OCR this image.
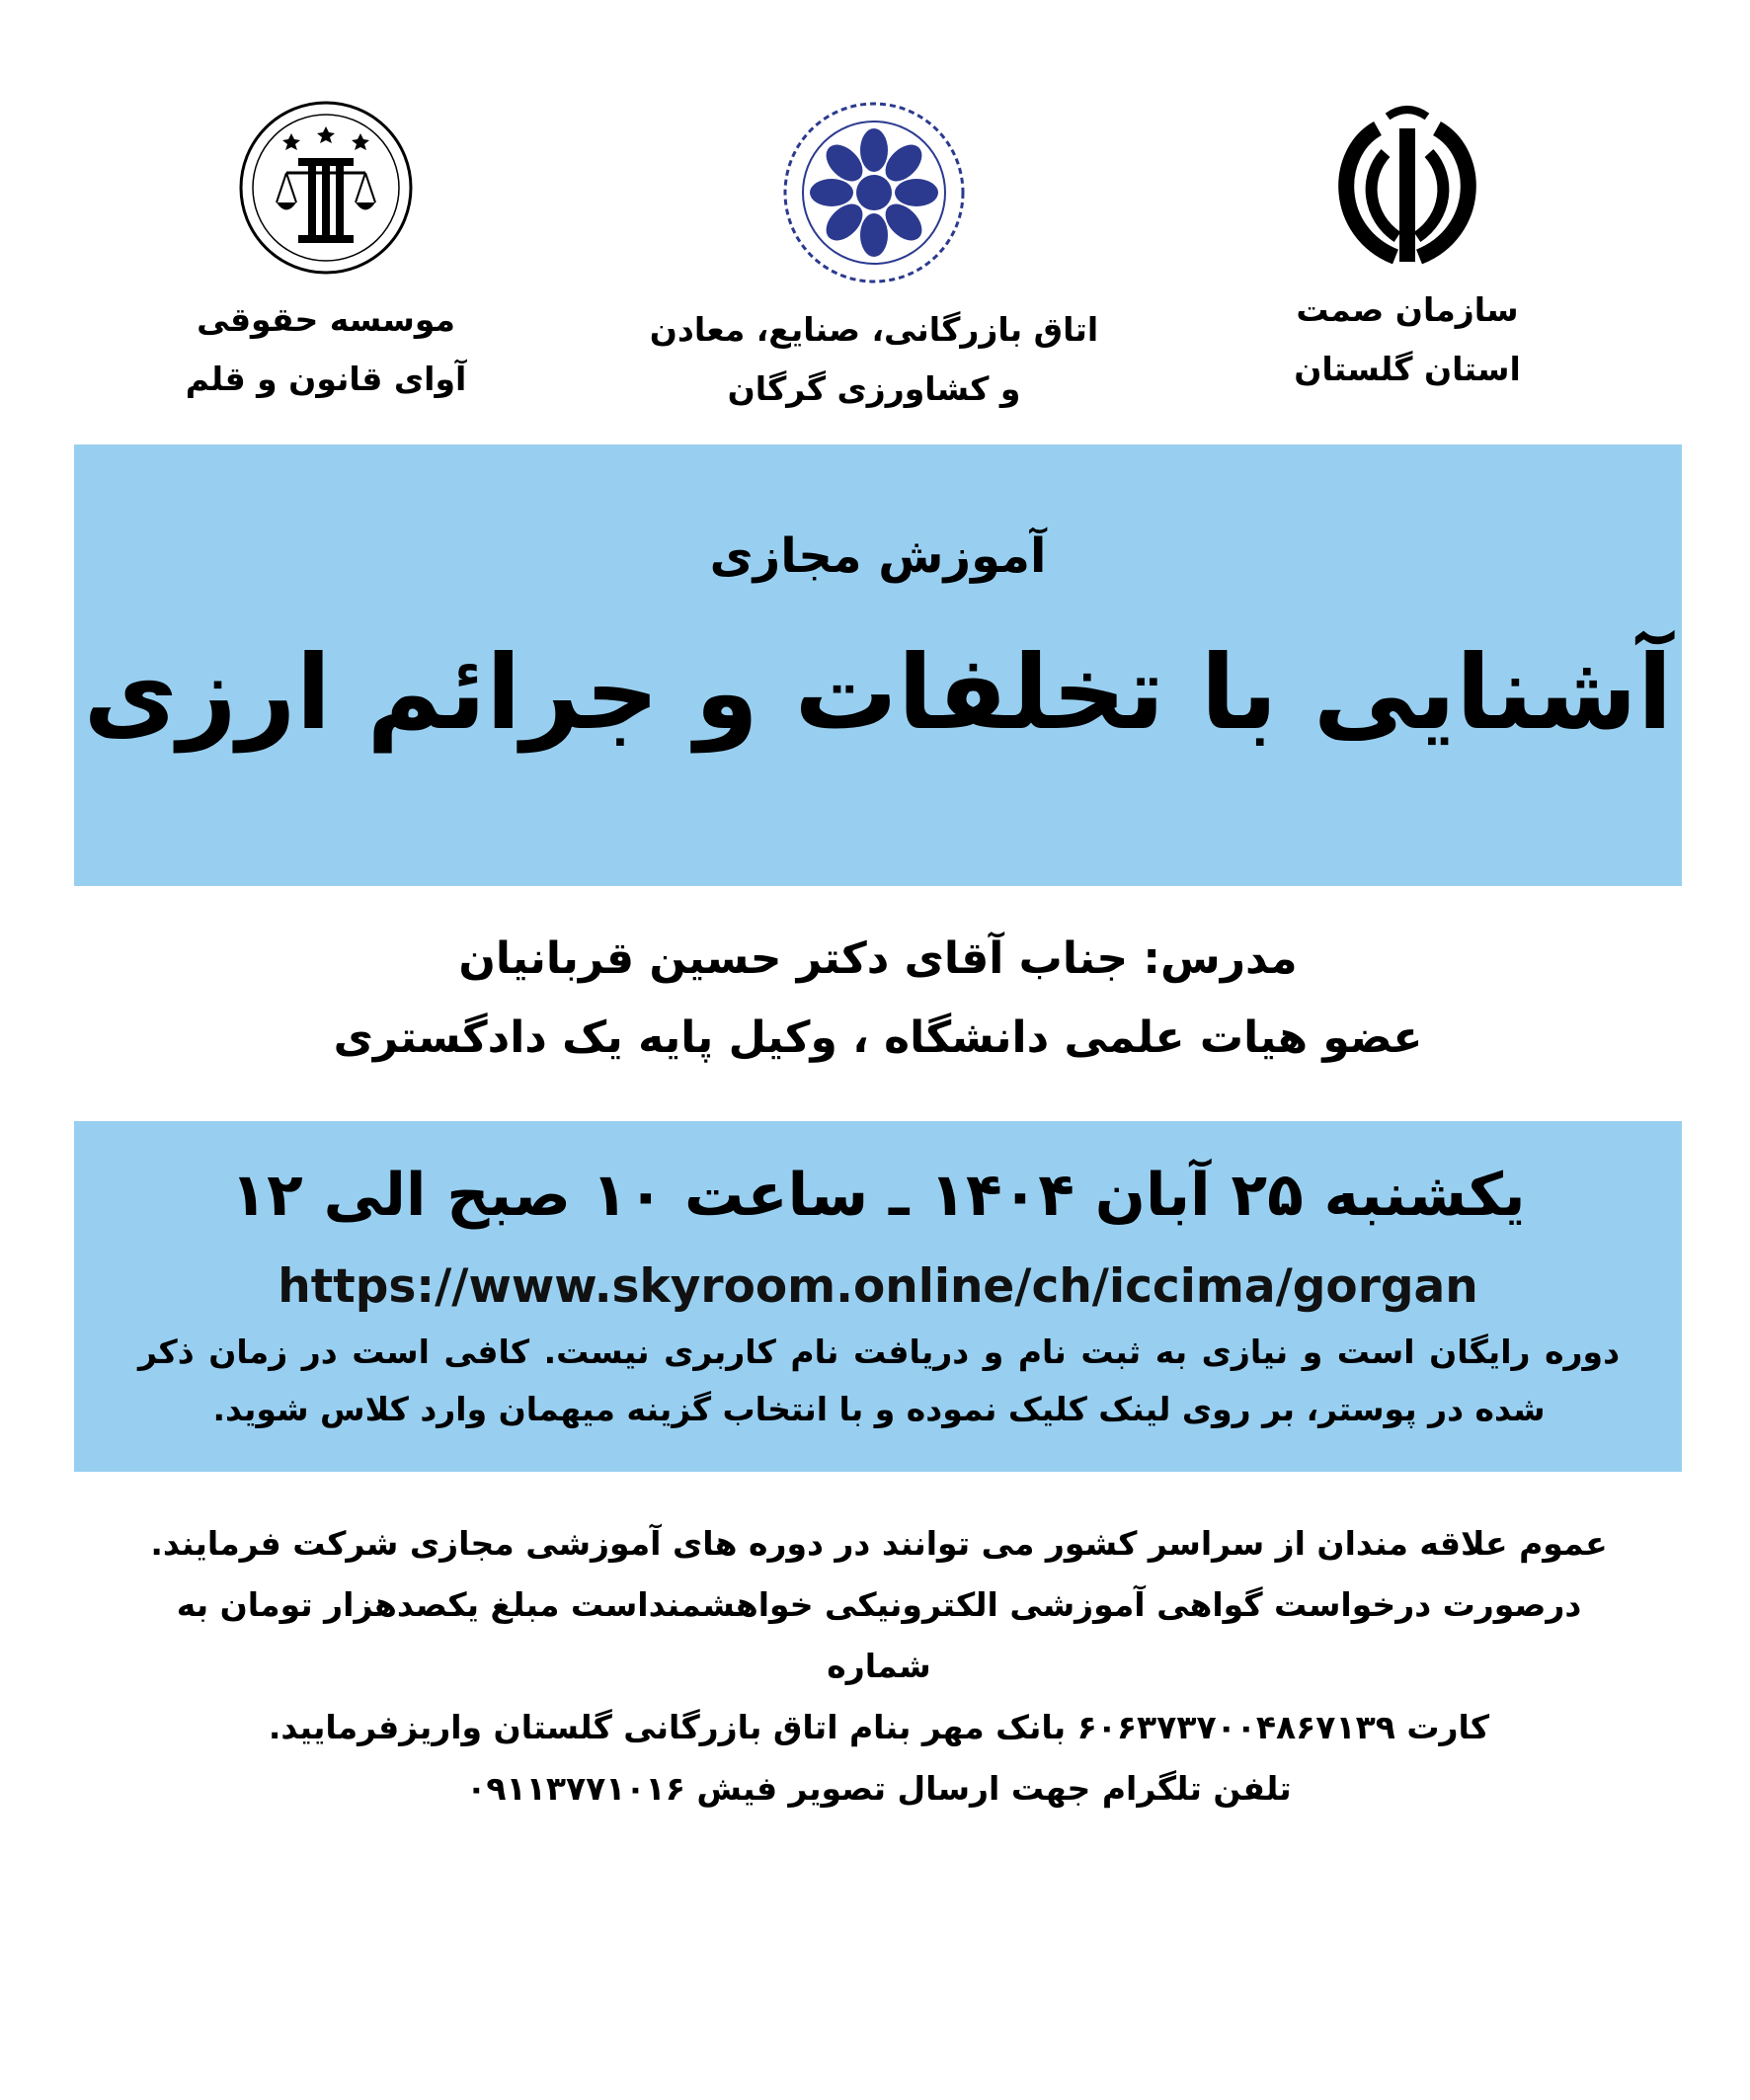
سازمان صمت
استان گلستان
اتاق بازرگانی، صنایع، معادن
و کشاورزی گرگان
موسسه حقوقی
آوای قانون و قلم
آموزش مجازی
آشنایی با تخلفات و جرائم ارزی
مدرس: جناب آقای دکتر حسین قربانیان
عضو هیات علمی دانشگاه ، وکیل پایه یک دادگستری
یکشنبه ۲۵ آبان ۱۴۰۴ ـ ساعت ۱۰ صبح الی ۱۲
https://www.skyroom.online/ch/iccima/gorgan
دوره رایگان است و نیازی به ثبت نام و دریافت نام کاربری نیست. کافی است در زمان ذکر شده در پوستر، بر روی لینک کلیک نموده و با انتخاب گزینه میهمان وارد کلاس شوید.
عموم علاقه مندان از سراسر کشور می توانند در دوره های آموزشی مجازی شرکت فرمایند.
درصورت درخواست گواهی آموزشی الکترونیکی خواهشمنداست مبلغ یکصدهزار تومان به شماره
کارت ۶۰۶۳۷۳۷۰۰۴۸۶۷۱۳۹ بانک مهر بنام اتاق بازرگانی گلستان واریزفرمایید.
تلفن تلگرام جهت ارسال تصویر فیش ۰۹۱۱۳۷۷۱۰۱۶
